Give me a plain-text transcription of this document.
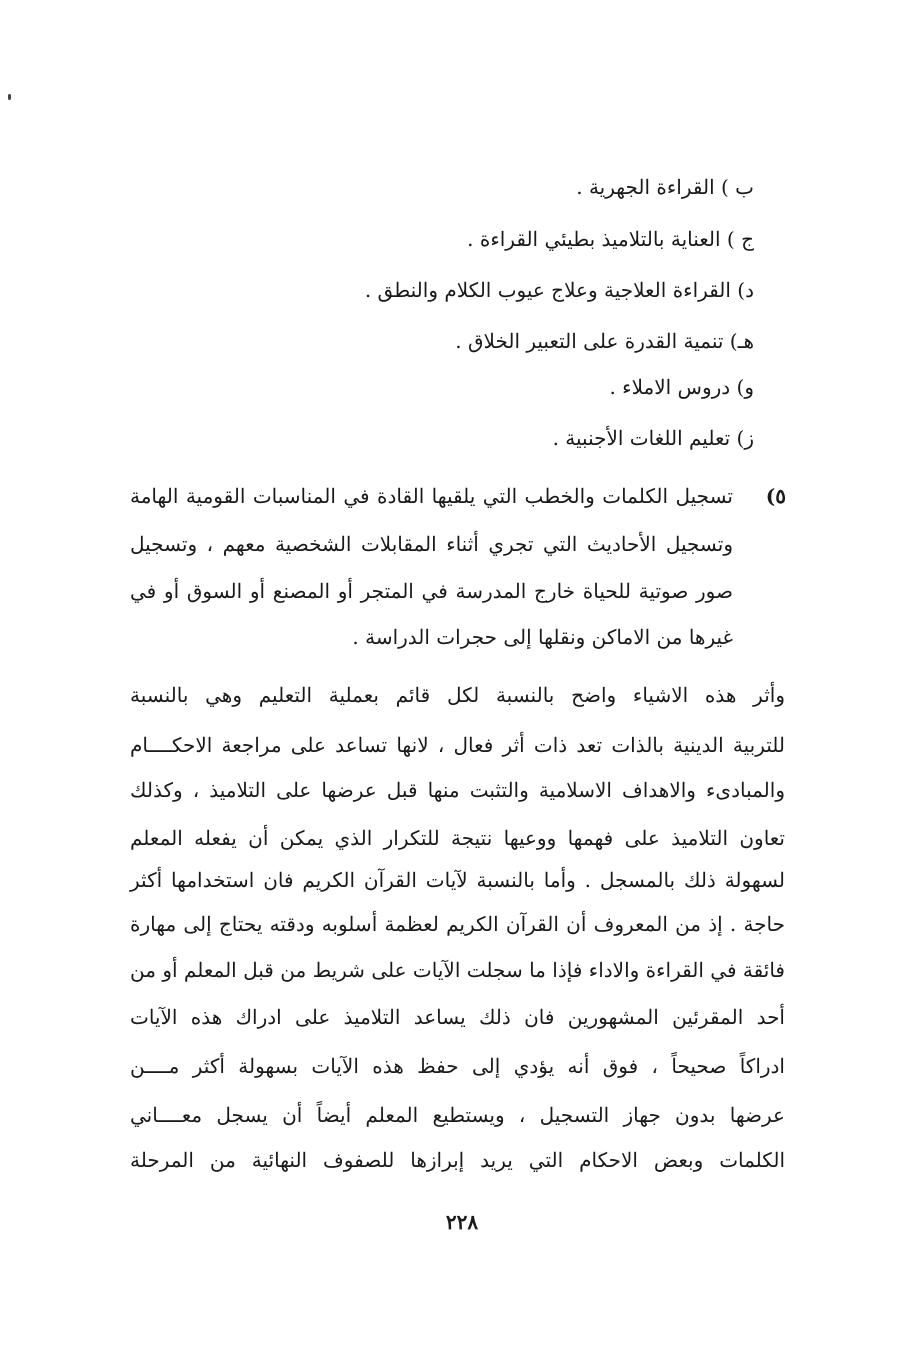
ب ) القراءة الجهرية .
ج ) العناية بالتلاميذ بطيئي القراءة .
د) القراءة العلاجية وعلاج عيوب الكلام والنطق .
هـ) تنمية القدرة على التعبير الخلاق .
و) دروس الاملاء .
ز) تعليم اللغات الأجنبية .
٥)
تسجيل الكلمات والخطب التي يلقيها القادة في المناسبات القومية الهامة
وتسجيل الأحاديث التي تجري أثناء المقابلات الشخصية معهم ، وتسجيل
صور صوتية للحياة خارج المدرسة في المتجر أو المصنع أو السوق أو في
غيرها من الاماكن ونقلها إلى حجرات الدراسة .
وأثر هذه الاشياء واضح بالنسبة لكل قائم بعملية التعليم وهي بالنسبة
للتربية الدينية بالذات تعد ذات أثر فعال ، لانها تساعد على مراجعة الاحكــــام
والمبادىء والاهداف الاسلامية والتثبت منها قبل عرضها على التلاميذ ، وكذلك
تعاون التلاميذ على فهمها ووعيها نتيجة للتكرار الذي يمكن أن يفعله المعلم
لسهولة ذلك بالمسجل . وأما بالنسبة لآيات القرآن الكريم فان استخدامها أكثر
حاجة . إذ من المعروف أن القرآن الكريم لعظمة أسلوبه ودقته يحتاج إلى مهارة
فائقة في القراءة والاداء فإذا ما سجلت الآيات على شريط من قبل المعلم أو من
أحد المقرئين المشهورين فان ذلك يساعد التلاميذ على ادراك هذه الآيات
ادراكاً صحيحاً ، فوق أنه يؤدي إلى حفظ هذه الآيات بسهولة أكثر مــــن
عرضها بدون جهاز التسجيل ، ويستطيع المعلم أيضاً أن يسجل معــــاني
الكلمات وبعض الاحكام التي يريد إبرازها للصفوف النهائية من المرحلة
٢٢٨
